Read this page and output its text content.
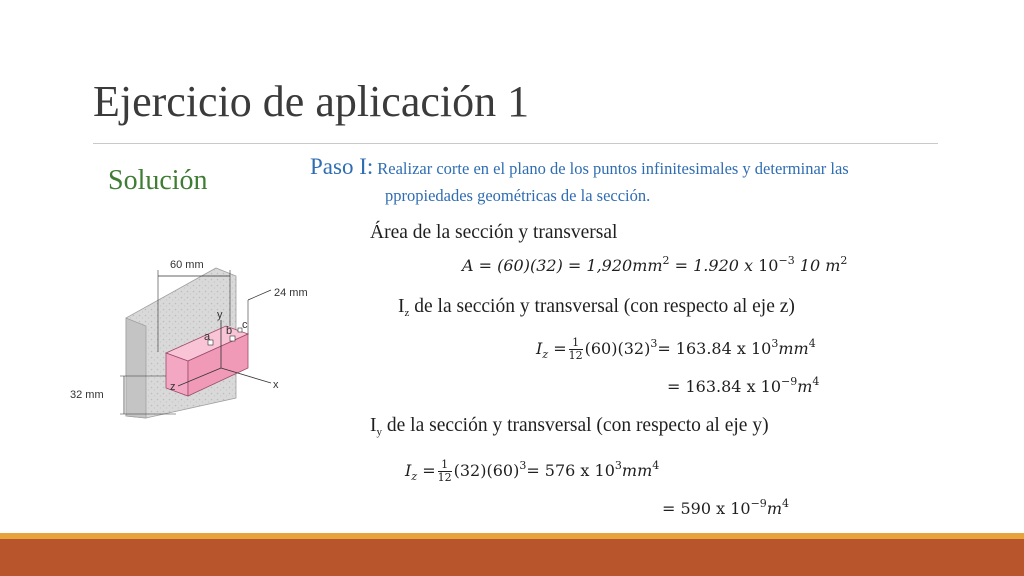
Ejercicio de aplicación 1
Solución	Paso I: Realizar corte en el plano de los puntos infinitesimales y determinar las
ppropiedades geométricas de la sección.
Área de la sección y transversal
$A = (60)(32) = 1,920mm^2 = 1.920$ x $10^{-3}$ 10 $m^2$
$I_z$ de la sección y transversal (con respecto al eje z)
$I_z = \frac{1}{12} (60)(32)^3= 163.84$ x $10^3mm^4$
= 163.84 x $10^{-9}m^4$
$I_y$ de la sección y transversal (con respecto al eje y)
$I_z = \frac{1}{12} (32)(60)^3= 576$ x $10^3mm^4$
= 590 x $10^{-9}m^4$
60 mm
24 mm
32 mm
a b c
x
y
z
